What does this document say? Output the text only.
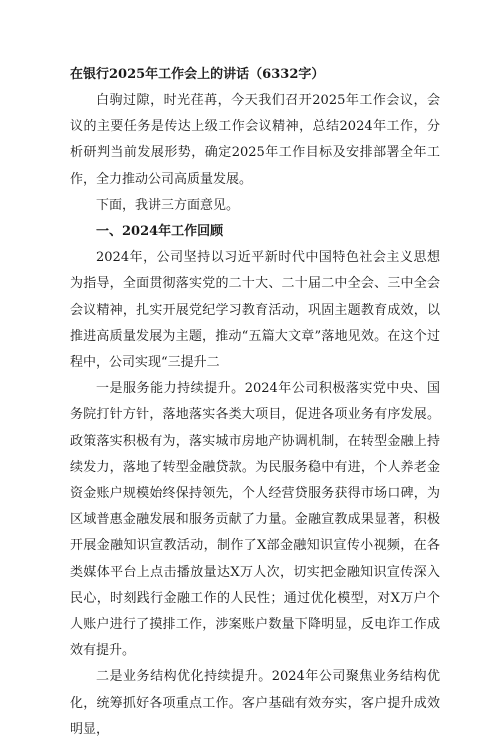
在银行2025年工作会上的讲话（6332字）

白驹过隙，时光荏苒，今天我们召开2025年工作会议，会议的主要任务是传达上级工作会议精神，总结2024年工作，分析研判当前发展形势，确定2025年工作目标及安排部署全年工作，全力推动公司高质量发展。

下面，我讲三方面意见。

一、2024年工作回顾

2024年，公司坚持以习近平新时代中国特色社会主义思想为指导，全面贯彻落实党的二十大、二十届二中全会、三中全会会议精神，扎实开展党纪学习教育活动，巩固主题教育成效，以推进高质量发展为主题，推动“五篇大文章”落地见效。在这个过程中，公司实现“三提升二

一是服务能力持续提升。2024年公司积极落实党中央、国务院打针方针，落地落实各类大项目，促进各项业务有序发展。政策落实积极有为，落实城市房地产协调机制，在转型金融上持续发力，落地了转型金融贷款。为民服务稳中有进，个人养老金资金账户规模始终保持领先，个人经营贷服务获得市场口碑，为区域普惠金融发展和服务贡献了力量。金融宣教成果显著，积极开展金融知识宣教活动，制作了X部金融知识宣传小视频，在各类媒体平台上点击播放量达X万人次，切实把金融知识宣传深入民心，时刻践行金融工作的人民性；通过优化模型，对X万户个人账户进行了摸排工作，涉案账户数量下降明显，反电诈工作成效有提升。

二是业务结构优化持续提升。2024年公司聚焦业务结构优化，统筹抓好各项重点工作。客户基础有效夯实，客户提升成效明显，
